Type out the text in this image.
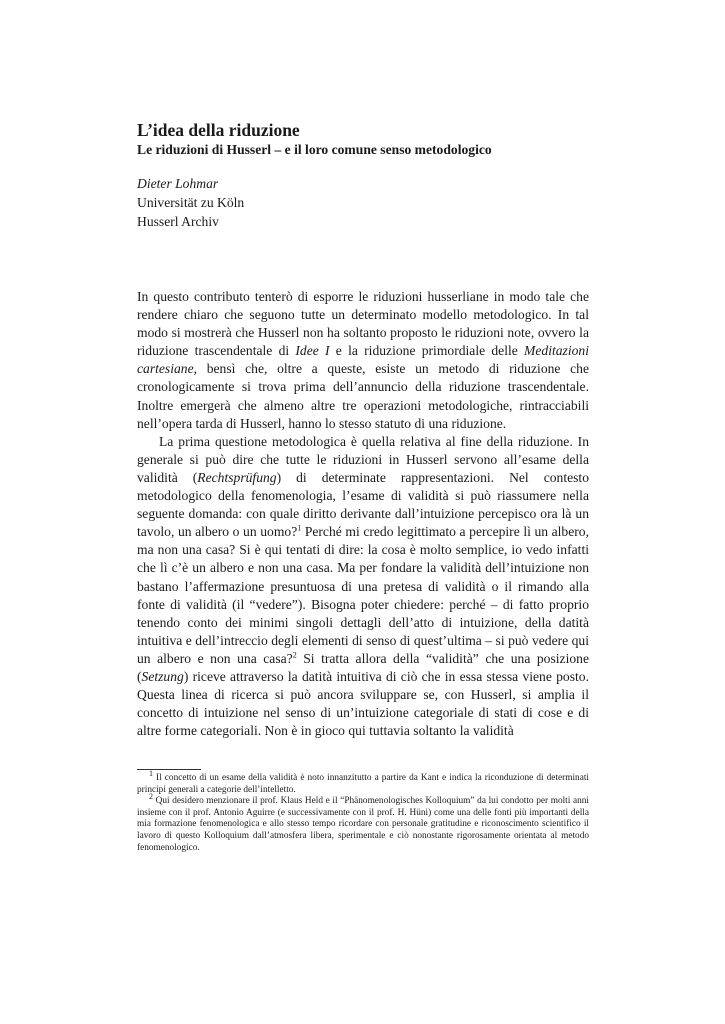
L’idea della riduzione
Le riduzioni di Husserl – e il loro comune senso metodologico
Dieter Lohmar
Universität zu Köln
Husserl Archiv

In questo contributo tenterò di esporre le riduzioni husserliane in modo tale che rendere chiaro che seguono tutte un determinato modello metodologico. In tal modo si mostrerà che Husserl non ha soltanto proposto le riduzioni note, ovvero la riduzione trascendentale di Idee I e la riduzione primordiale delle Meditazioni cartesiane, bensì che, oltre a queste, esiste un metodo di riduzione che cronologicamente si trova prima dell’annuncio della riduzione trascendentale. Inoltre emergerà che almeno altre tre operazioni metodologiche, rintracciabili nell’opera tarda di Husserl, hanno lo stesso statuto di una riduzione.

La prima questione metodologica è quella relativa al fine della riduzione. In generale si può dire che tutte le riduzioni in Husserl servono all’esame della validità (Rechtsprüfung) di determinate rappresentazioni. Nel contesto metodologico della fenomenologia, l’esame di validità si può riassumere nella seguente domanda: con quale diritto derivante dall’intuizione percepisco ora là un tavolo, un albero o un uomo?$^1$ Perché mi credo legittimato a percepire lì un albero, ma non una casa? Si è qui tentati di dire: la cosa è molto semplice, io vedo infatti che lì c’è un albero e non una casa. Ma per fondare la validità dell’intuizione non bastano l’affermazione presuntuosa di una pretesa di validità o il rimando alla fonte di validità (il “vedere”). Bisogna poter chiedere: perché – di fatto proprio tenendo conto dei minimi singoli dettagli dell’atto di intuizione, della datità intuitiva e dell’intreccio degli elementi di senso di quest’ultima – si può vedere qui un albero e non una casa?$^2$ Si tratta allora della “validità” che una posizione (Setzung) riceve attraverso la datità intuitiva di ciò che in essa stessa viene posto. Questa linea di ricerca si può ancora sviluppare se, con Husserl, si amplia il concetto di intuizione nel senso di un’intuizione categoriale di stati di cose e di altre forme categoriali. Non è in gioco qui tuttavia soltanto la validità

$^1$ Il concetto di un esame della validità è noto innanzitutto a partire da Kant e indica la riconduzione di determinati principi generali a categorie dell’intelletto.

$^2$ Qui desidero menzionare il prof. Klaus Held e il “Phänomenologisches Kolloquium” da lui condotto per molti anni insieme con il prof. Antonio Aguirre (e successivamente con il prof. H. Hüni) come una delle fonti più importanti della mia formazione fenomenologica e allo stesso tempo ricordare con personale gratitudine e riconoscimento scientifico il lavoro di questo Kolloquium dall’atmosfera libera, sperimentale e ciò nonostante rigorosamente orientata al metodo fenomenologico.
